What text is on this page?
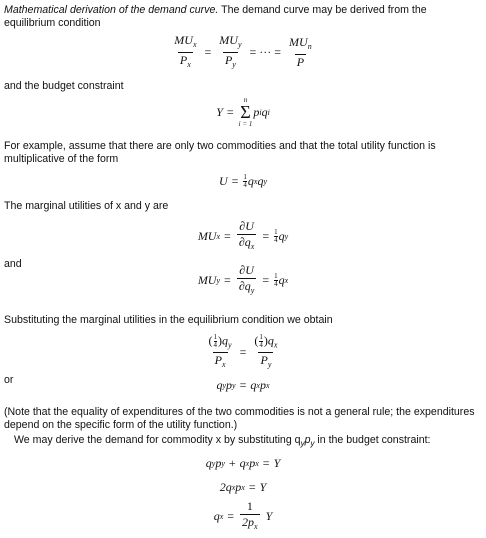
Mathematical derivation of the demand curve. The demand curve may be derived from the equilibrium condition
$\frac{MU_x}{P_x} = \frac{MU_y}{P_y}$ = ··· = $\frac{MU_n}{P}$
and the budget constraint
Y =
n
Σ
i = 1
p i q i
For example, assume that there are only two commodities and that the total utility function is multiplicative of the form
$U = \frac{1}{4}$ q x q y
The marginal utilities of x and y are
MU $x = \frac{\partial U}{\partial q_x} = \frac{1}{4}$ q y
and
MU $y = \frac{\partial U}{\partial q_y} = \frac{1}{4}$ q x
Substituting the marginal utilities in the equilibrium condition we obtain
$\frac{( \frac{1}{4} )q_y}{P_x} = \frac{( \frac{1}{4} )q_x}{P_y}$
or	q y p y = q x p x
(Note that the equality of expenditures of the two commodities is not a general rule; the expenditures depend on the specific form of the utility function.)
We may derive the demand for commodity x by substituting $q_yp_y$ in the budget constraint:
q y p y + q x p x = Y
2q x p x = Y
q $x = \frac{1}{2p_x}$ Y
